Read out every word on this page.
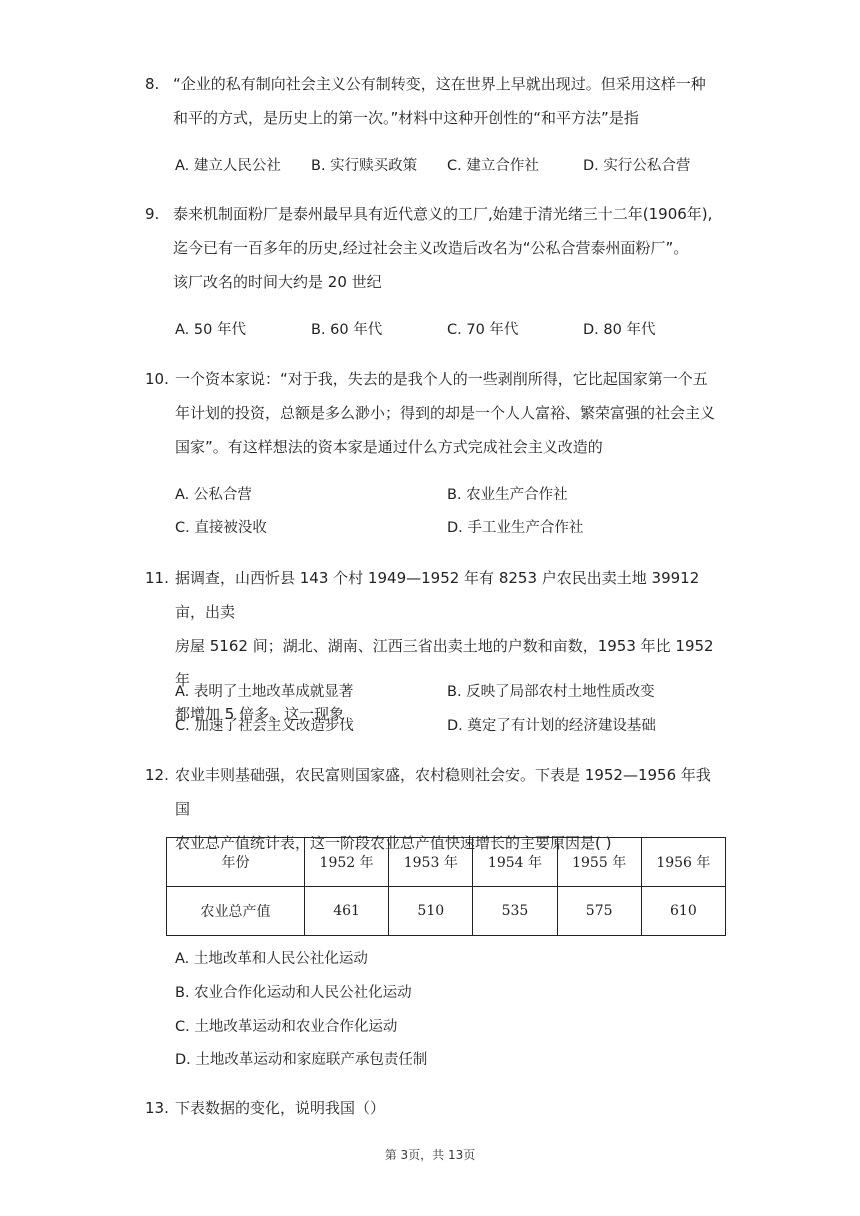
8. “企业的私有制向社会主义公有制转变，这在世界上早就出现过。但采用这样一种
和平的方式，是历史上的第一次。”材料中这种开创性的“和平方法”是指
A. 建立人民公社 B. 实行赎买政策 C. 建立合作社	D. 实行公私合营
9. 泰来机制面粉厂是泰州最早具有近代意义的工厂,始建于清光绪三十二年(1906年),
迄今已有一百多年的历史,经过社会主义改造后改名为“公私合营泰州面粉厂”。
该厂改名的时间大约是 20 世纪
A. 50 年代	B. 60 年代	C. 70 年代	D. 80 年代
10. 一个资本家说：“对于我，失去的是我个人的一些剥削所得，它比起国家第一个五
年计划的投资，总额是多么渺小；得到的却是一个人人富裕、繁荣富强的社会主义
国家”。有这样想法的资本家是通过什么方式完成社会主义改造的
A. 公私合营	B. 农业生产合作社
C. 直接被没收	D. 手工业生产合作社
11. 据调查，山西忻县 143 个村 1949—1952 年有 8253 户农民出卖土地 39912 亩，出卖
房屋 5162 间；湖北、湖南、江西三省出卖土地的户数和亩数，1953 年比 1952 年
都增加 5 倍多。这一现象
A. 表明了土地改革成就显著	B. 反映了局部农村土地性质改变
C. 加速了社会主义改造步伐	D. 奠定了有计划的经济建设基础
12. 农业丰则基础强，农民富则国家盛，农村稳则社会安。下表是 1952—1956 年我国
农业总产值统计表，这一阶段农业总产值快速增长的主要原因是( )
年份	1952 年	1953 年	1954 年	1955 年	1956 年
农业总产值	461	510	535	575	610
A. 土地改革和人民公社化运动
B. 农业合作化运动和人民公社化运动
C. 土地改革运动和农业合作化运动
D. 土地改革运动和家庭联产承包责任制
13. 下表数据的变化，说明我国（）
第 3页，共 13页
